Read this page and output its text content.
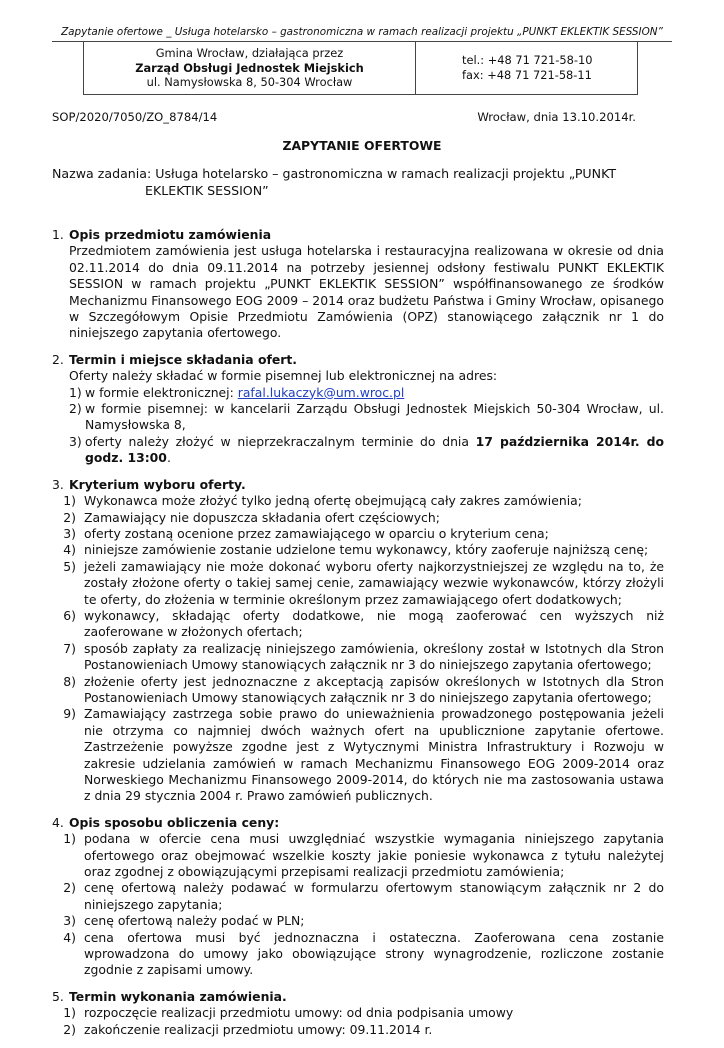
Zapytanie ofertowe _ Usługa hotelarsko – gastronomiczna w ramach realizacji projektu „PUNKT EKLEKTIK SESSION”
Gmina Wrocław, działająca przez
Zarząd Obsługi Jednostek Miejskich
ul. Namysłowska 8, 50-304 Wrocław
tel.: +48 71 721-58-10
fax: +48 71 721-58-11
SOP/2020/7050/ZO_8784/14	Wrocław, dnia 13.10.2014r.
ZAPYTANIE OFERTOWE
Nazwa zadania: Usługa hotelarsko – gastronomiczna w ramach realizacji projektu „PUNKT
EKLEKTIK SESSION”
1. Opis przedmiotu zamówienia
Przedmiotem zamówienia jest usługa hotelarska i restauracyjna realizowana w okresie od dnia 02.11.2014 do dnia 09.11.2014 na potrzeby jesiennej odsłony festiwalu PUNKT EKLEKTIK SESSION w ramach projektu „PUNKT EKLEKTIK SESSION” współfinansowanego ze środków Mechanizmu Finansowego EOG 2009 – 2014 oraz budżetu Państwa i Gminy Wrocław, opisanego w Szczegółowym Opisie Przedmiotu Zamówienia (OPZ) stanowiącego załącznik nr 1 do niniejszego zapytania ofertowego.
2. Termin i miejsce składania ofert.
Oferty należy składać w formie pisemnej lub elektronicznej na adres:
1) w formie elektronicznej: rafal.lukaczyk@um.wroc.pl
2) w formie pisemnej: w kancelarii Zarządu Obsługi Jednostek Miejskich 50-304 Wrocław, ul. Namysłowska 8,
3) oferty należy złożyć w nieprzekraczalnym terminie do dnia 17 października 2014r. do godz. 13:00.
3. Kryterium wyboru oferty.
1) Wykonawca może złożyć tylko jedną ofertę obejmującą cały zakres zamówienia;
2) Zamawiający nie dopuszcza składania ofert częściowych;
3) oferty zostaną ocenione przez zamawiającego w oparciu o kryterium cena;
4) niniejsze zamówienie zostanie udzielone temu wykonawcy, który zaoferuje najniższą cenę;
5) jeżeli zamawiający nie może dokonać wyboru oferty najkorzystniejszej ze względu na to, że zostały złożone oferty o takiej samej cenie, zamawiający wezwie wykonawców, którzy złożyli te oferty, do złożenia w terminie określonym przez zamawiającego ofert dodatkowych;
6) wykonawcy, składając oferty dodatkowe, nie mogą zaoferować cen wyższych niż zaoferowane w złożonych ofertach;
7) sposób zapłaty za realizację niniejszego zamówienia, określony został w Istotnych dla Stron Postanowieniach Umowy stanowiących załącznik nr 3 do niniejszego zapytania ofertowego;
8) złożenie oferty jest jednoznaczne z akceptacją zapisów określonych w Istotnych dla Stron Postanowieniach Umowy stanowiących załącznik nr 3 do niniejszego zapytania ofertowego;
9) Zamawiający zastrzega sobie prawo do unieważnienia prowadzonego postępowania jeżeli nie otrzyma co najmniej dwóch ważnych ofert na upublicznione zapytanie ofertowe. Zastrzeżenie powyższe zgodne jest z Wytycznymi Ministra Infrastruktury i Rozwoju w zakresie udzielania zamówień w ramach Mechanizmu Finansowego EOG 2009-2014 oraz Norweskiego Mechanizmu Finansowego 2009-2014, do których nie ma zastosowania ustawa z dnia 29 stycznia 2004 r. Prawo zamówień publicznych.
4. Opis sposobu obliczenia ceny:
1) podana w ofercie cena musi uwzględniać wszystkie wymagania niniejszego zapytania ofertowego oraz obejmować wszelkie koszty jakie poniesie wykonawca z tytułu należytej oraz zgodnej z obowiązującymi przepisami realizacji przedmiotu zamówienia;
2) cenę ofertową należy podawać w formularzu ofertowym stanowiącym załącznik nr 2 do niniejszego zapytania;
3) cenę ofertową należy podać w PLN;
4) cena ofertowa musi być jednoznaczna i ostateczna. Zaoferowana cena zostanie wprowadzona do umowy jako obowiązujące strony wynagrodzenie, rozliczone zostanie zgodnie z zapisami umowy.
5. Termin wykonania zamówienia.
1) rozpoczęcie realizacji przedmiotu umowy: od dnia podpisania umowy
2) zakończenie realizacji przedmiotu umowy: 09.11.2014 r.
